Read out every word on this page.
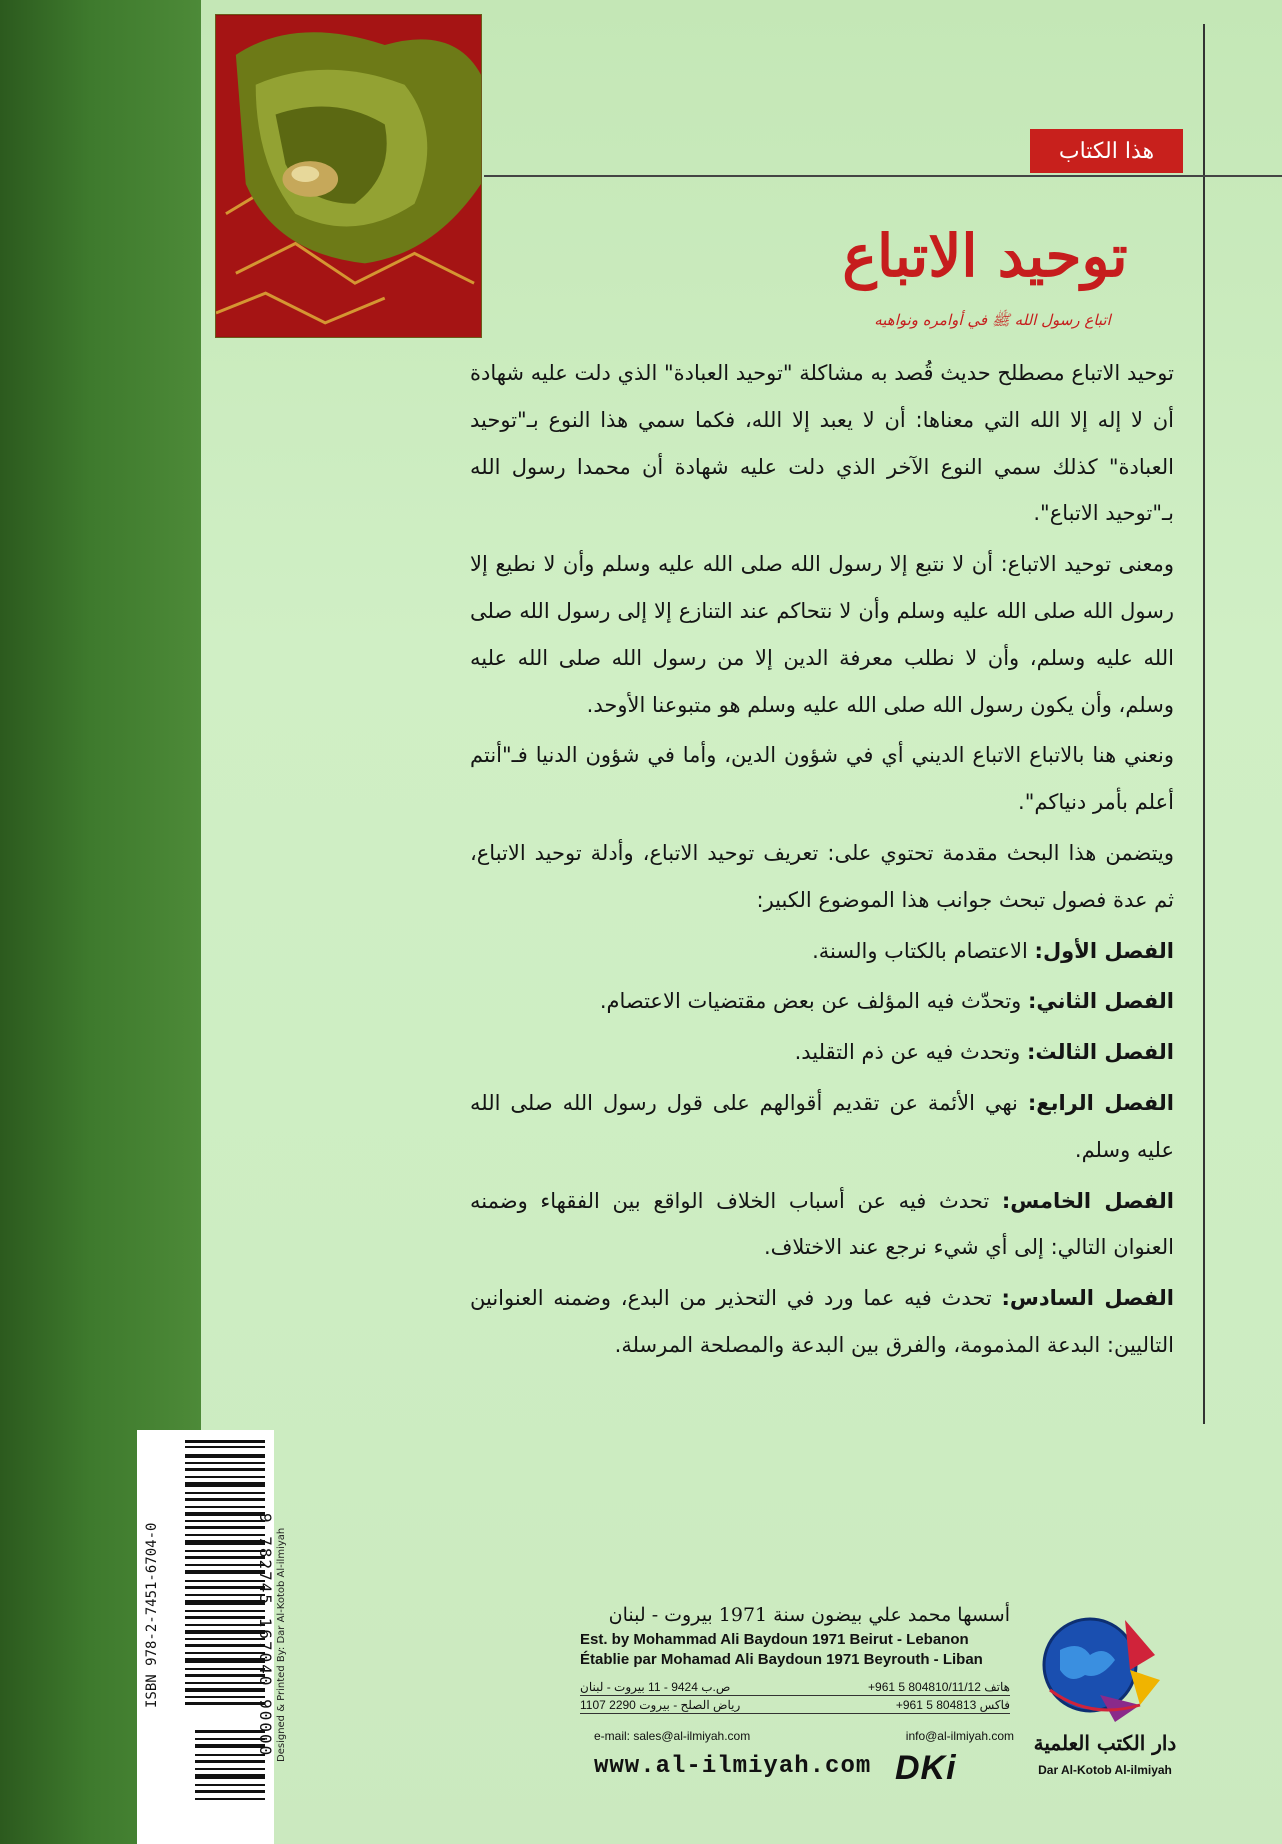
هذا الكتاب
توحيد الاتباع
اتباع رسول الله ﷺ في أوامره ونواهيه

توحيد الاتباع مصطلح حديث قُصد به مشاكلة "توحيد العبادة" الذي دلت عليه شهادة أن لا إله إلا الله التي معناها: أن لا يعبد إلا الله، فكما سمي هذا النوع بـ"توحيد العبادة" كذلك سمي النوع الآخر الذي دلت عليه شهادة أن محمدا رسول الله بـ"توحيد الاتباع".

ومعنى توحيد الاتباع: أن لا نتبع إلا رسول الله صلى الله عليه وسلم وأن لا نطيع إلا رسول الله صلى الله عليه وسلم وأن لا نتحاكم عند التنازع إلا إلى رسول الله صلى الله عليه وسلم، وأن لا نطلب معرفة الدين إلا من رسول الله صلى الله عليه وسلم، وأن يكون رسول الله صلى الله عليه وسلم هو متبوعنا الأوحد.

ونعني هنا بالاتباع الاتباع الديني أي في شؤون الدين، وأما في شؤون الدنيا فـ"أنتم أعلم بأمر دنياكم".

ويتضمن هذا البحث مقدمة تحتوي على: تعريف توحيد الاتباع، وأدلة توحيد الاتباع، ثم عدة فصول تبحث جوانب هذا الموضوع الكبير:

الفصل الأول: الاعتصام بالكتاب والسنة.

الفصل الثاني: وتحدّث فيه المؤلف عن بعض مقتضيات الاعتصام.

الفصل الثالث: وتحدث فيه عن ذم التقليد.

الفصل الرابع: نهي الأئمة عن تقديم أقوالهم على قول رسول الله صلى الله عليه وسلم.

الفصل الخامس: تحدث فيه عن أسباب الخلاف الواقع بين الفقهاء وضمنه العنوان التالي: إلى أي شيء نرجع عند الاختلاف.

الفصل السادس: تحدث فيه عما ورد في التحذير من البدع، وضمنه العنوانين التاليين: البدعة المذمومة، والفرق بين البدعة والمصلحة المرسلة.

ISBN 978-2-7451-6704-0	9 782745 167040 90000 Designed & Printed By: Dar Al-Kotob Al-ilmiyah	أسسها محمد علي بيضون سنة 1971 بيروت - لبنان
Est. by Mohammad Ali Baydoun 1971 Beirut - Lebanon
Établie par Mohamad Ali Baydoun 1971 Beyrouth - Liban
ص.ب 9424 - 11 بيروت - لبنان	+961 5 804810/11/12 هاتف
رياض الصلح - بيروت 2290 1107	+961 5 804813 فاكس
e-mail: sales@al-ilmiyah.com	info@al-ilmiyah.com
www.al-ilmiyah.com DKi
دار الكتب العلمية
Dar Al-Kotob Al-ilmiyah
